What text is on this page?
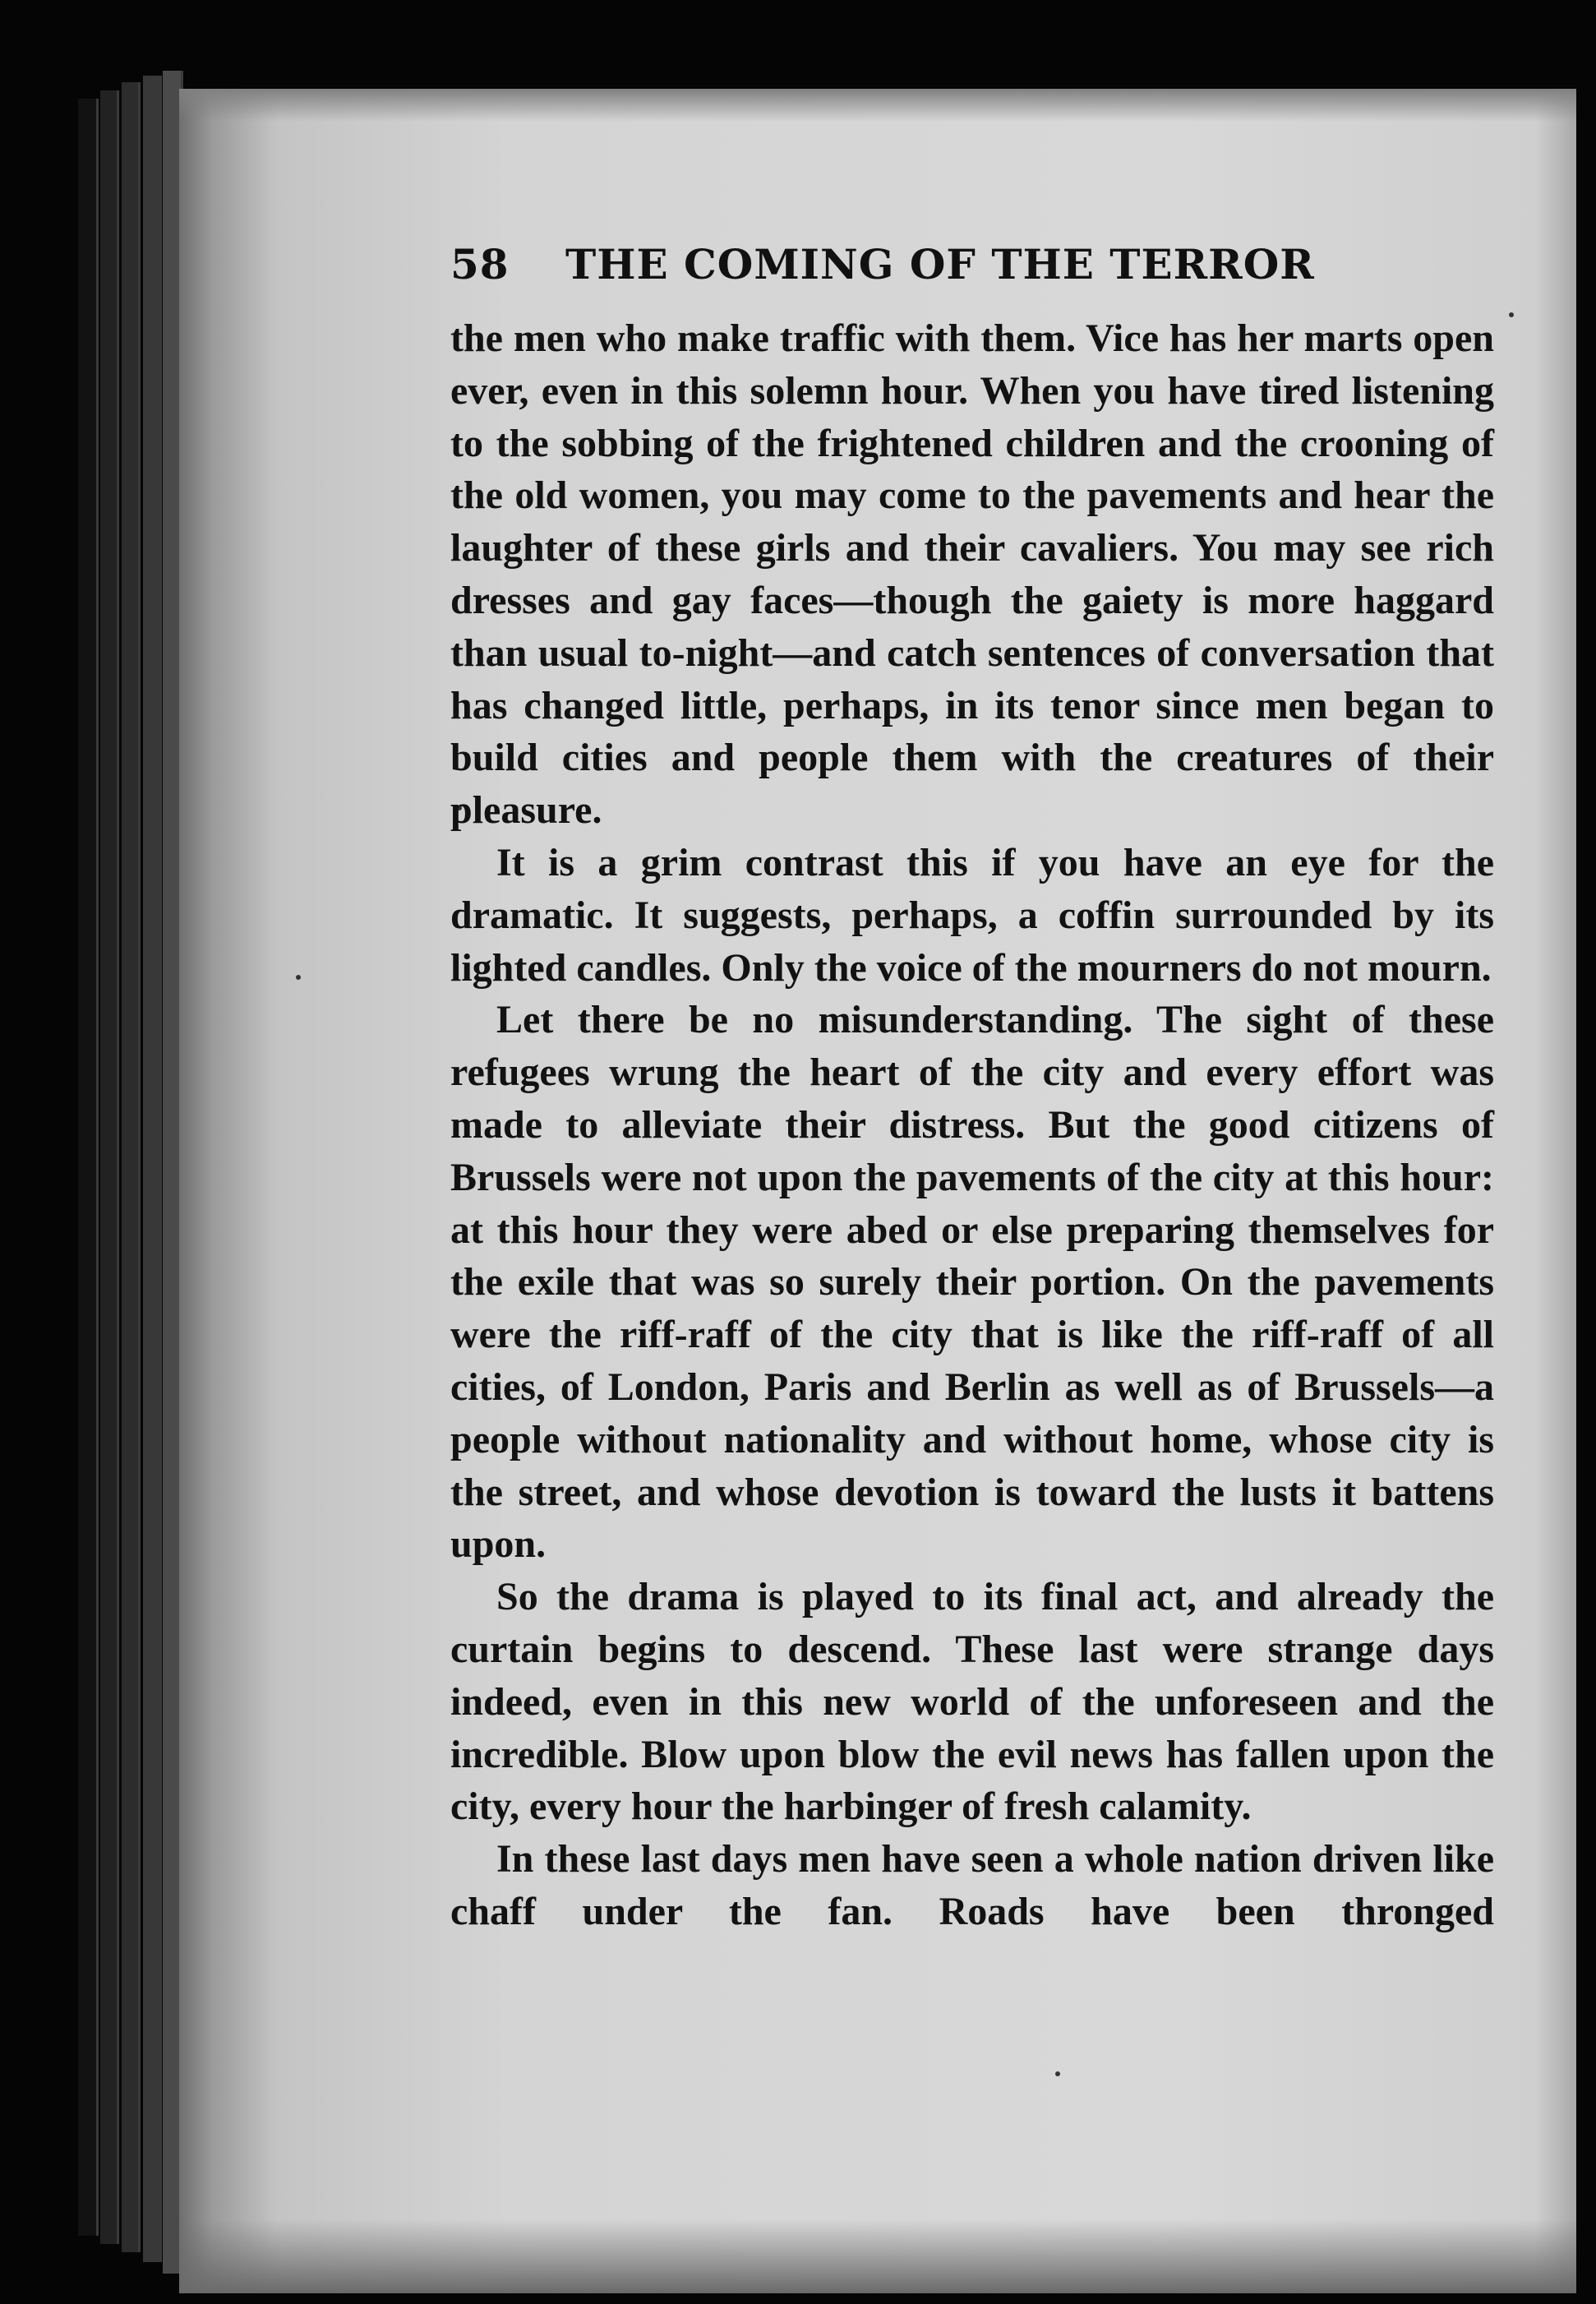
58 THE COMING OF THE TERROR

the men who make traffic with them. Vice has her marts open ever, even in this solemn hour. When you have tired listening to the sobbing of the frightened children and the crooning of the old women, you may come to the pavements and hear the laughter of these girls and their cavaliers. You may see rich dresses and gay faces—though the gaiety is more haggard than usual to-night—and catch sentences of conversation that has changed little, perhaps, in its tenor since men began to build cities and people them with the creatures of their pleasure.

It is a grim contrast this if you have an eye for the dramatic. It suggests, perhaps, a coffin surrounded by its lighted candles. Only the voice of the mourners do not mourn.

Let there be no misunderstanding. The sight of these refugees wrung the heart of the city and every effort was made to alleviate their distress. But the good citizens of Brussels were not upon the pavements of the city at this hour: at this hour they were abed or else preparing themselves for the exile that was so surely their portion. On the pavements were the riff-raff of the city that is like the riff-raff of all cities, of London, Paris and Berlin as well as of Brussels—a people without nationality and without home, whose city is the street, and whose devotion is toward the lusts it battens upon.

So the drama is played to its final act, and already the curtain begins to descend. These last were strange days indeed, even in this new world of the unforeseen and the incredible. Blow upon blow the evil news has fallen upon the city, every hour the harbinger of fresh calamity.

In these last days men have seen a whole nation driven like chaff under the fan. Roads have been thronged
